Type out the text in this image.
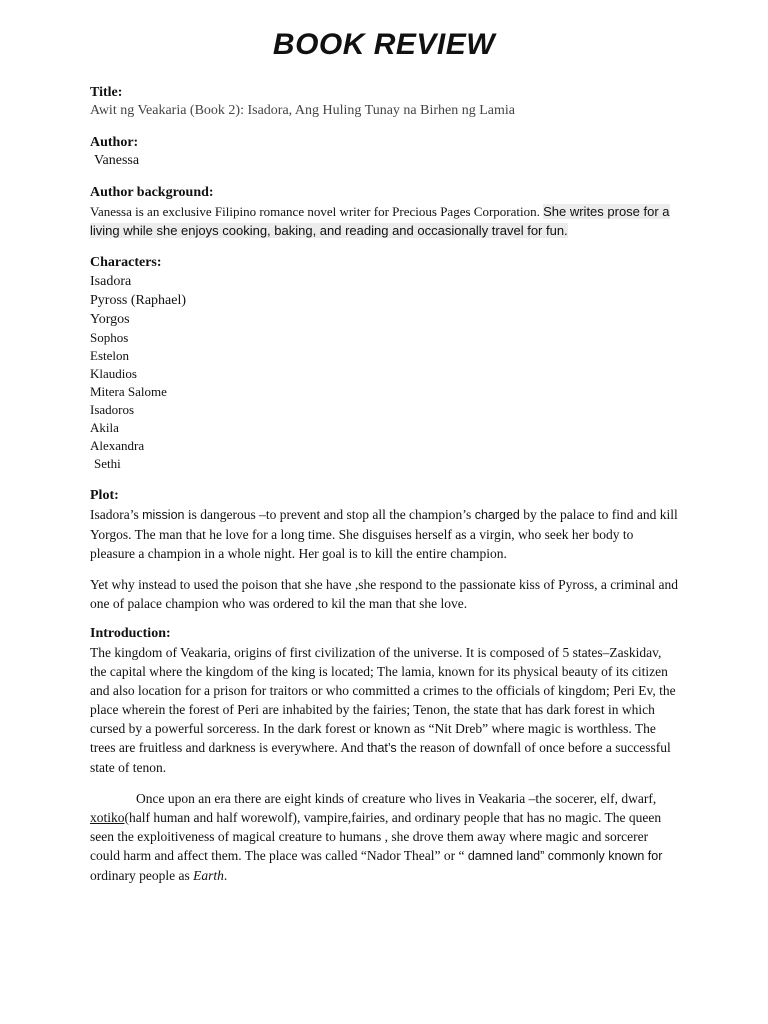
BOOK REVIEW
Title:
Awit ng Veakaria (Book 2): Isadora, Ang Huling Tunay na Birhen ng Lamia
Author:
Vanessa
Author background:
Vanessa is an exclusive Filipino romance novel writer for Precious Pages Corporation. She writes prose for a living while she enjoys cooking, baking, and reading and occasionally travel for fun.
Characters:
Isadora
Pyross (Raphael)
Yorgos
Sophos
Estelon
Klaudios
Mitera Salome
Isadoros
Akila
Alexandra
Sethi
Plot:

Isadora’s mission is dangerous –to prevent and stop all the champion’s charged by the palace to find and kill Yorgos. The man that he love for a long time. She disguises herself as a virgin, who seek her body to pleasure a champion in a whole night. Her goal is to kill the entire champion.

Yet why instead to used the poison that she have ,she respond to the passionate kiss of Pyross, a criminal and one of palace champion who was ordered to kil the man that she love.

Introduction:

The kingdom of Veakaria, origins of first civilization of the universe. It is composed of 5 states–Zaskidav, the capital where the kingdom of the king is located; The lamia, known for its physical beauty of its citizen and also location for a prison for traitors or who committed a crimes to the officials of kingdom; Peri Ev, the place wherein the forest of Peri are inhabited by the fairies; Tenon, the state that has dark forest in which cursed by a powerful sorceress. In the dark forest or known as “Nit Dreb” where magic is worthless. The trees are fruitless and darkness is everywhere. And that’s the reason of downfall of once before a successful state of tenon.

Once upon an era there are eight kinds of creature who lives in Veakaria –the socerer, elf, dwarf, xotiko(half human and half worewolf), vampire,fairies, and ordinary people that has no magic. The queen seen the exploitiveness of magical creature to humans , she drove them away where magic and sorcerer could harm and affect them. The place was called “Nador Theal” or “ damned land” commonly known for ordinary people as Earth.
